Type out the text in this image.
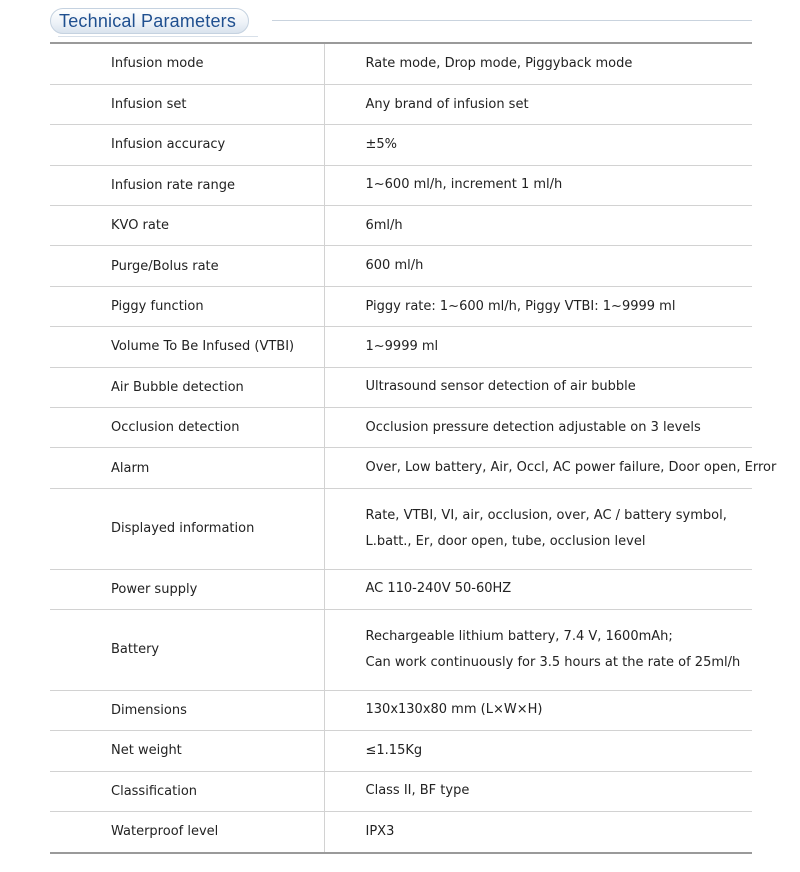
Technical Parameters
Infusion mode	Rate mode, Drop mode, Piggyback mode

Infusion set	Any brand of infusion set

Infusion accuracy	±5%

Infusion rate range	1~600 ml/h, increment 1 ml/h

KVO rate	6ml/h

Purge/Bolus rate	600 ml/h

Piggy function	Piggy rate: 1~600 ml/h, Piggy VTBI: 1~9999 ml

Volume To Be Infused (VTBI)	1~9999 ml

Air Bubble detection	Ultrasound sensor detection of air bubble

Occlusion detection	Occlusion pressure detection adjustable on 3 levels

Alarm	Over, Low battery, Air, Occl, AC power failure, Door open, Error

Displayed information	Rate, VTBI, VI, air, occlusion, over, AC / battery symbol,
L.batt., Er, door open, tube, occlusion level

Power supply	AC 110-240V 50-60HZ

Battery	Rechargeable lithium battery, 7.4 V, 1600mAh;
Can work continuously for 3.5 hours at the rate of 25ml/h

Dimensions	130x130x80 mm (L×W×H)

Net weight	≤1.15Kg

Classification	Class II, BF type

Waterproof level	IPX3
